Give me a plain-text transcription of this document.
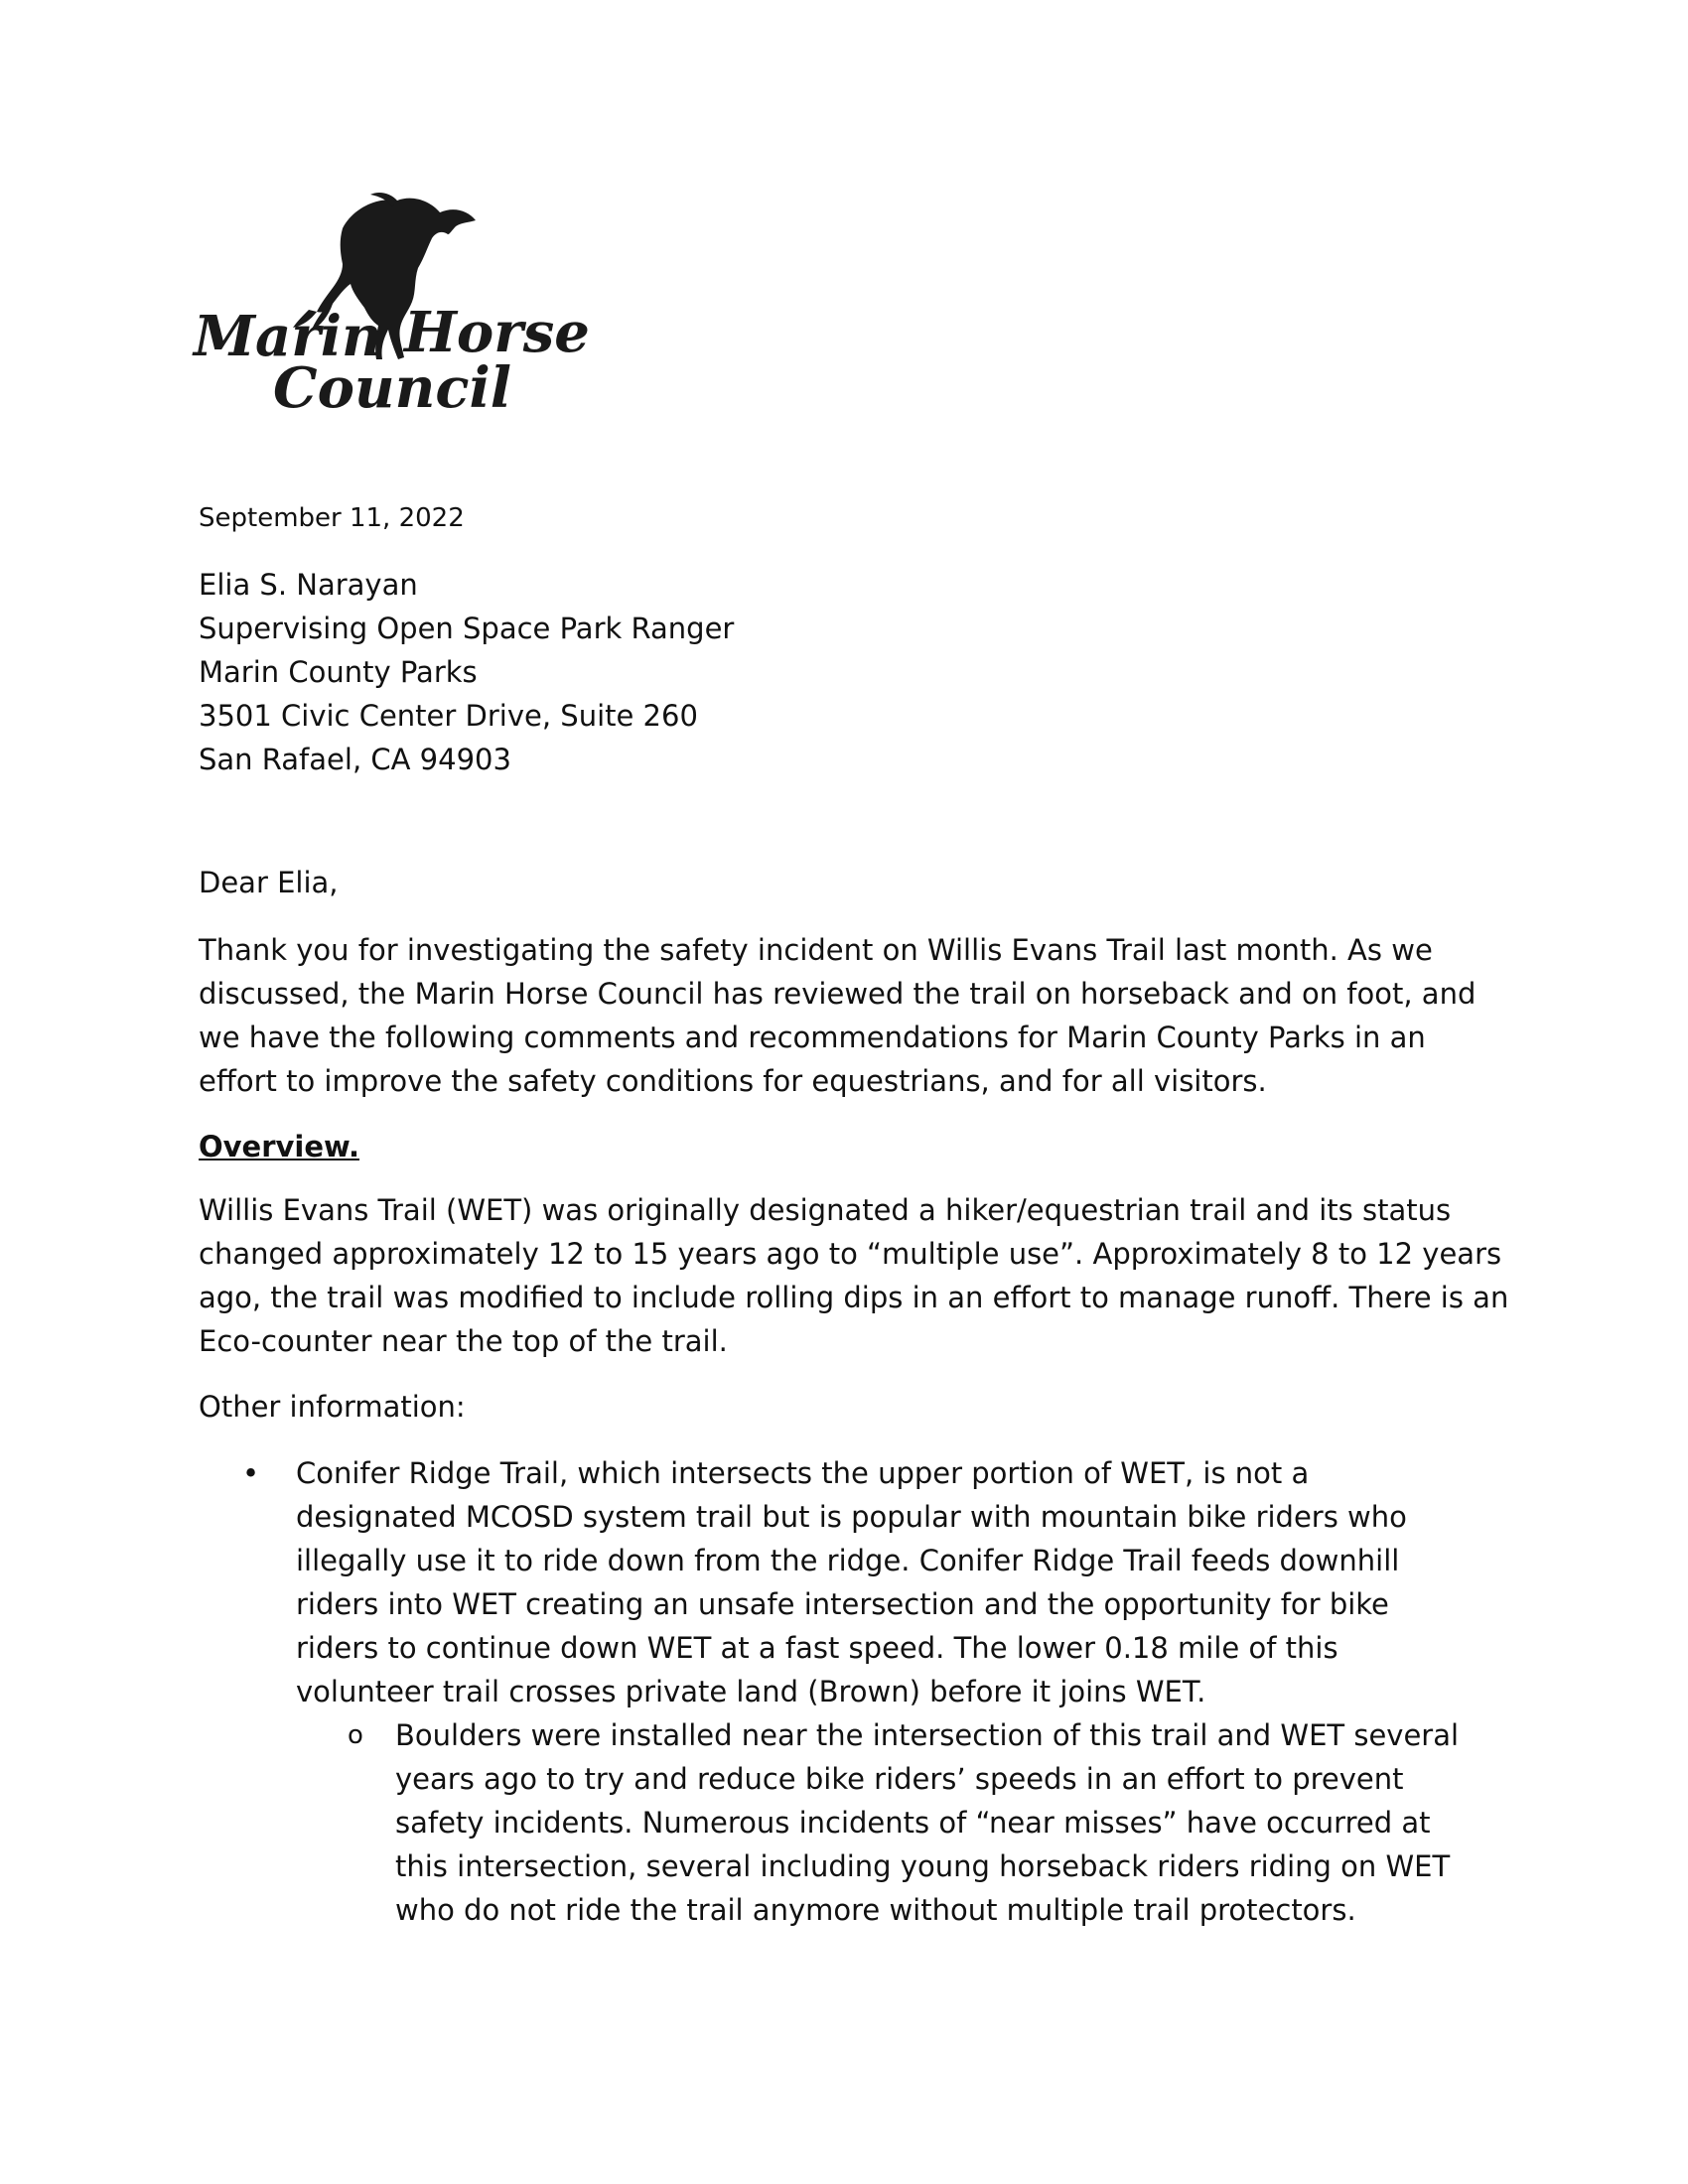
Marin Horse
Council
September 11, 2022
Elia S. Narayan
Supervising Open Space Park Ranger
Marin County Parks
3501 Civic Center Drive, Suite 260
San Rafael, CA 94903
Dear Elia,

Thank you for investigating the safety incident on Willis Evans Trail last month. As we discussed, the Marin Horse Council has reviewed the trail on horseback and on foot, and we have the following comments and recommendations for Marin County Parks in an effort to improve the safety conditions for equestrians, and for all visitors.

Overview.

Willis Evans Trail (WET) was originally designated a hiker/equestrian trail and its status changed approximately 12 to 15 years ago to “multiple use”. Approximately 8 to 12 years ago, the trail was modified to include rolling dips in an effort to manage runoff. There is an Eco-counter near the top of the trail.

Other information:

• Conifer Ridge Trail, which intersects the upper portion of WET, is not a designated MCOSD system trail but is popular with mountain bike riders who illegally use it to ride down from the ridge. Conifer Ridge Trail feeds downhill riders into WET creating an unsafe intersection and the opportunity for bike riders to continue down WET at a fast speed. The lower 0.18 mile of this volunteer trail crosses private land (Brown) before it joins WET.
o Boulders were installed near the intersection of this trail and WET several years ago to try and reduce bike riders’ speeds in an effort to prevent safety incidents. Numerous incidents of “near misses” have occurred at this intersection, several including young horseback riders riding on WET who do not ride the trail anymore without multiple trail protectors.
